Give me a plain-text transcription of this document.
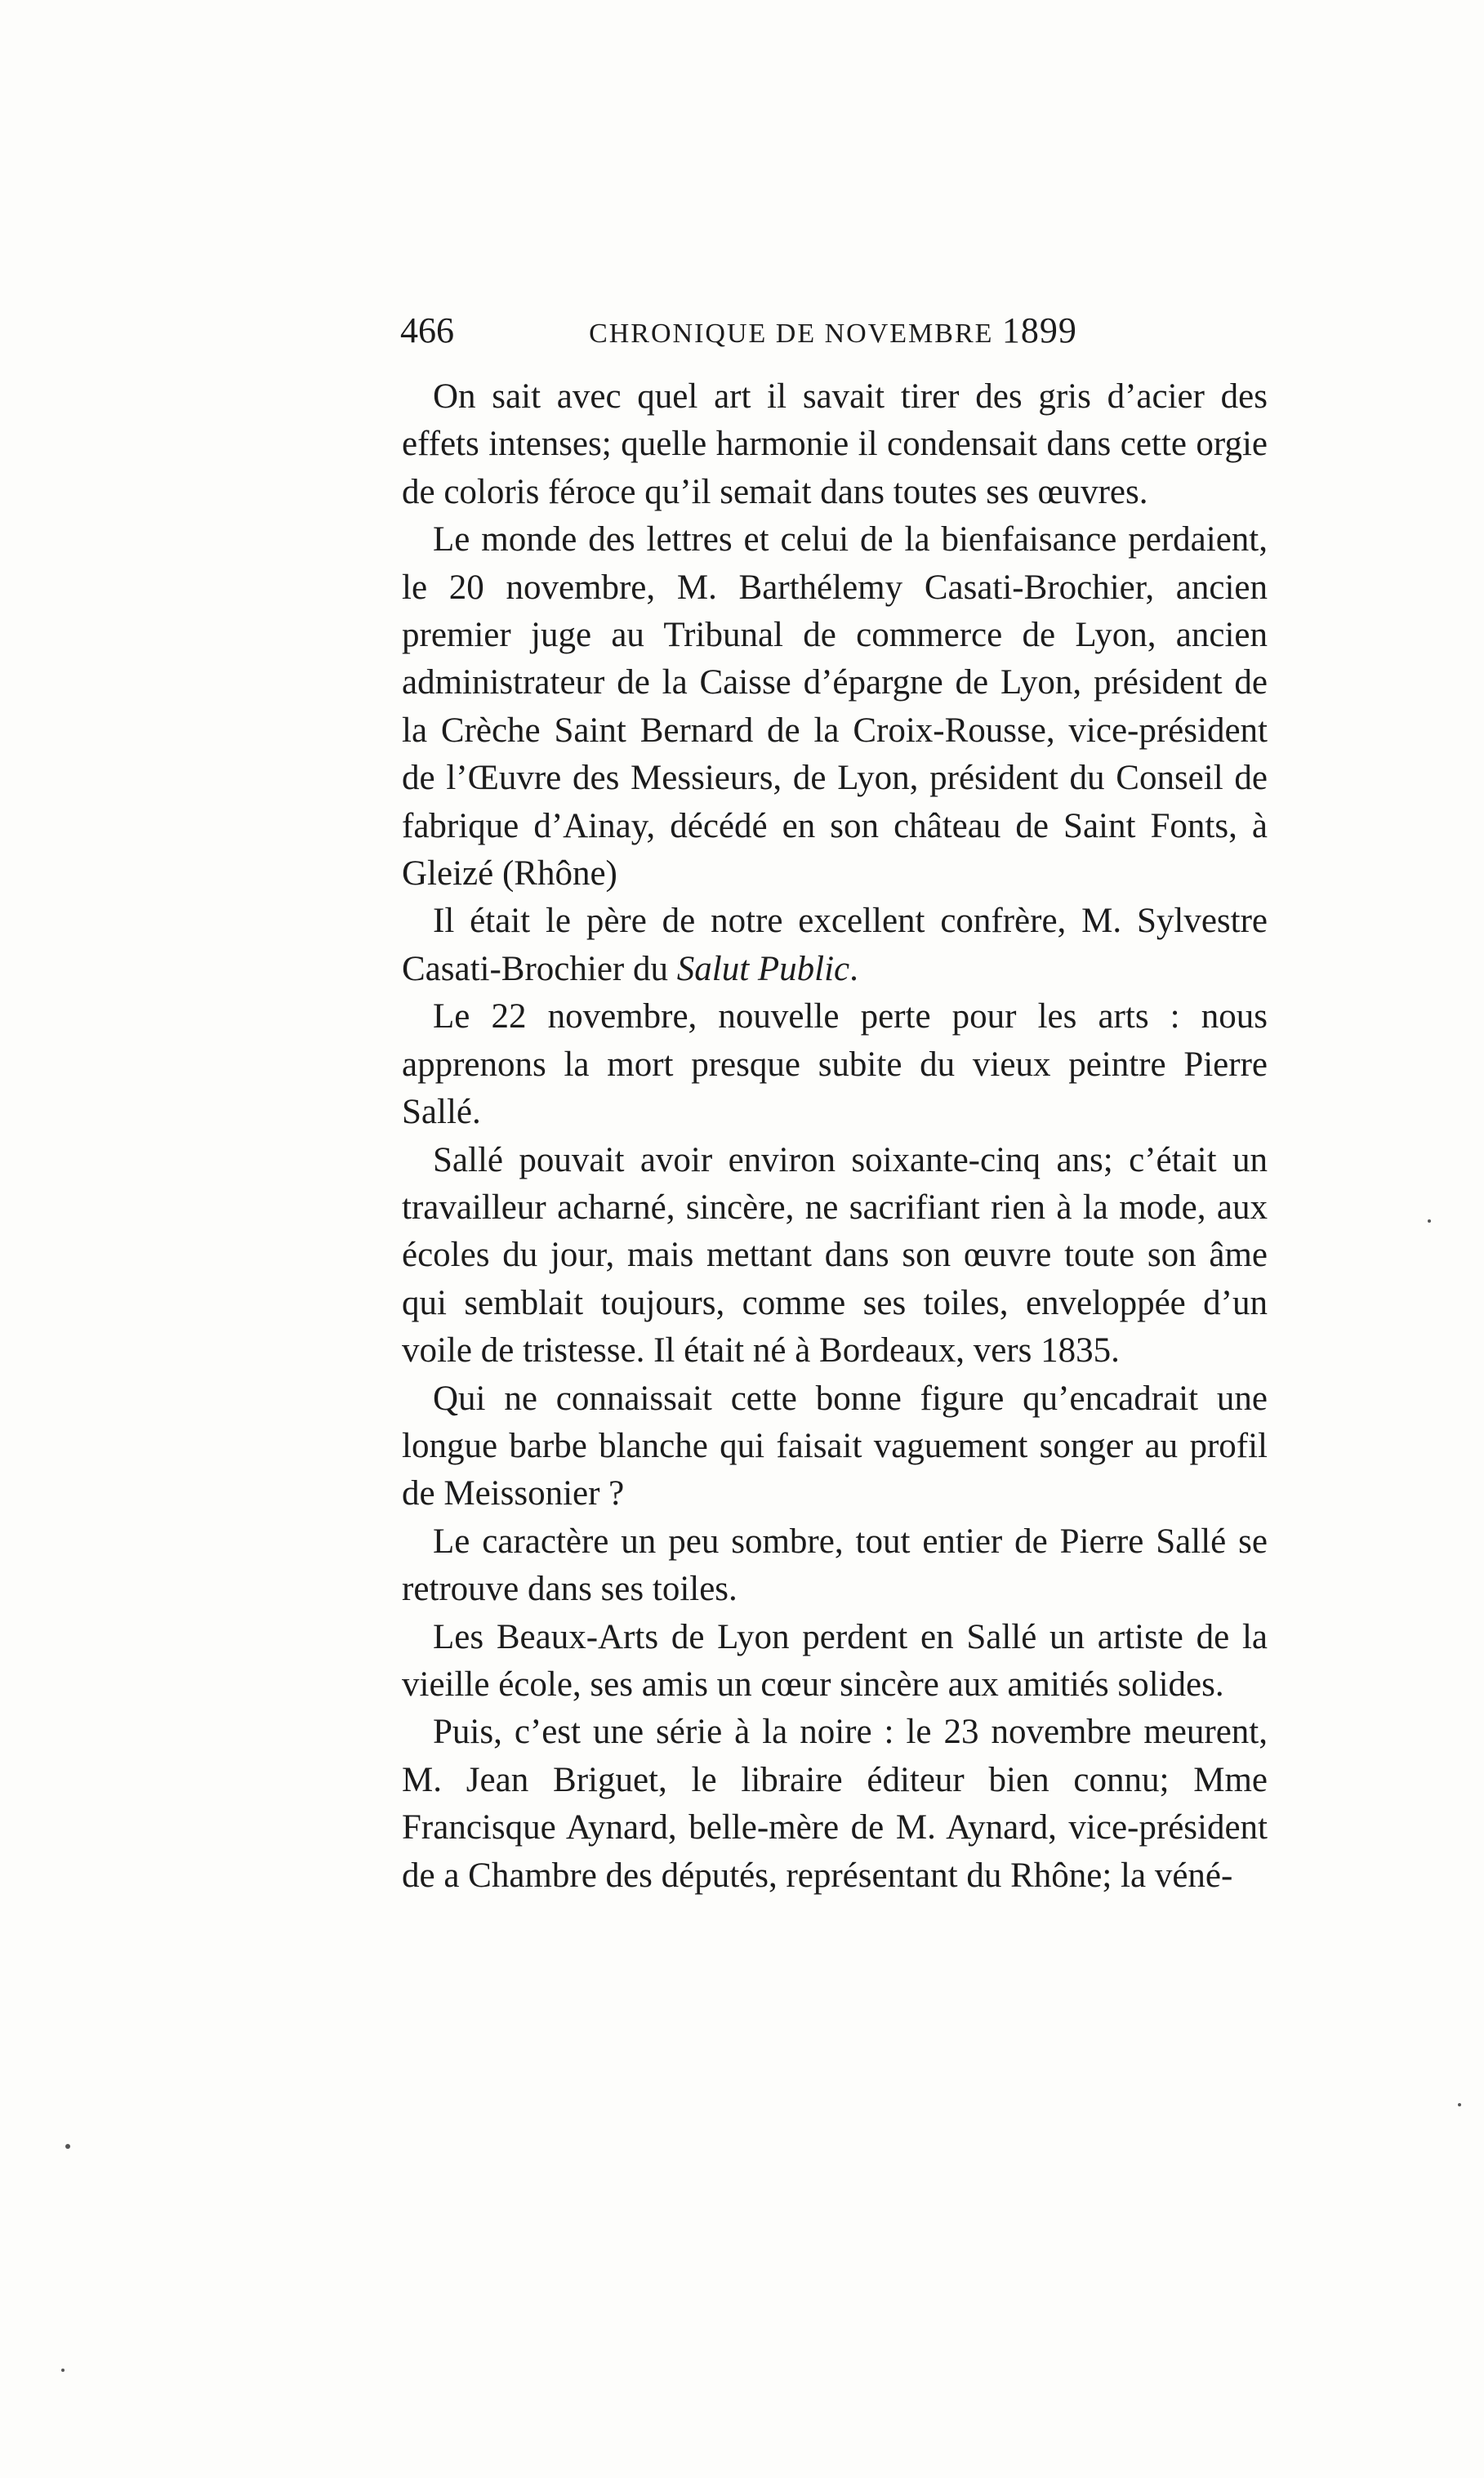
466	CHRONIQUE DE NOVEMBRE 1899

On sait avec quel art il savait tirer des gris d’acier des effets intenses; quelle harmonie il condensait dans cette orgie de coloris féroce qu’il semait dans toutes ses œuvres.

Le monde des lettres et celui de la bienfaisance perdaient, le 20 novembre, M. Barthélemy Casati-Brochier, ancien premier juge au Tribunal de commerce de Lyon, ancien administrateur de la Caisse d’épargne de Lyon, président de la Crèche Saint Bernard de la Croix-Rousse, vice-président de l’Œuvre des Messieurs, de Lyon, président du Conseil de fabrique d’Ainay, décédé en son château de Saint Fonts, à Gleizé (Rhône)

Il était le père de notre excellent confrère, M. Sylvestre Casati-Brochier du Salut Public.

Le 22 novembre, nouvelle perte pour les arts : nous apprenons la mort presque subite du vieux peintre Pierre Sallé.

Sallé pouvait avoir environ soixante-cinq ans; c’était un travailleur acharné, sincère, ne sacrifiant rien à la mode, aux écoles du jour, mais mettant dans son œuvre toute son âme qui semblait toujours, comme ses toiles, enveloppée d’un voile de tristesse. Il était né à Bordeaux, vers 1835.

Qui ne connaissait cette bonne figure qu’encadrait une longue barbe blanche qui faisait vaguement songer au profil de Meissonier ?

Le caractère un peu sombre, tout entier de Pierre Sallé se retrouve dans ses toiles.

Les Beaux-Arts de Lyon perdent en Sallé un artiste de la vieille école, ses amis un cœur sincère aux amitiés solides.

Puis, c’est une série à la noire : le 23 novembre meurent, M. Jean Briguet, le libraire éditeur bien connu; Mme Francisque Aynard, belle-mère de M. Aynard, vice-président de a Chambre des députés, représentant du Rhône; la véné-
